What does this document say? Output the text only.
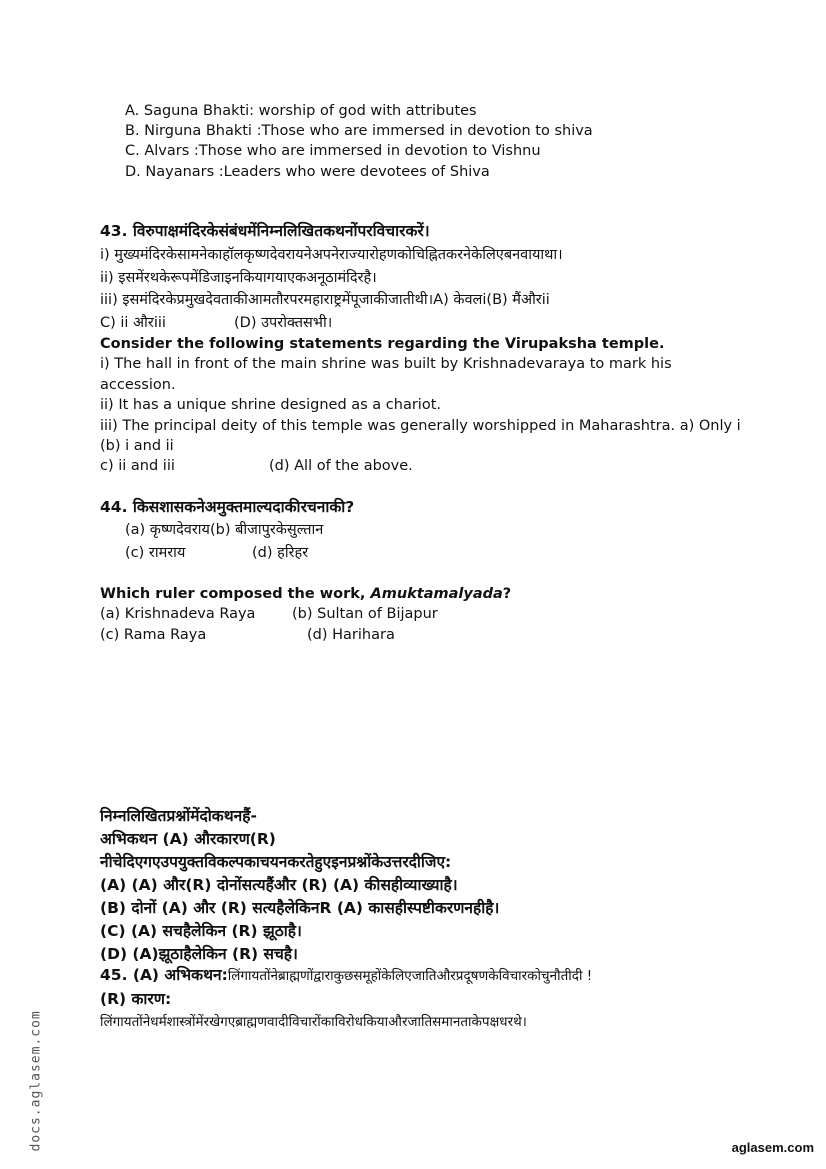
A. Saguna Bhakti: worship of god with attributes
B. Nirguna Bhakti :Those who are immersed in devotion to shiva
C. Alvars :Those who are immersed in devotion to Vishnu
D. Nayanars :Leaders who were devotees of Shiva
43. विरुपाक्षमंदिरकेसंबंधमेंनिम्नलिखितकथनोंपरविचारकरें।
i) मुख्यमंदिरकेसामनेकाहॉलकृष्णदेवरायनेअपनेराज्यारोहणकोचिह्नितकरनेकेलिएबनवायाथा।
ii) इसमेंरथकेरूपमेंडिजाइनकियागयाएकअनूठामंदिरहै।
iii) इसमंदिरकेप्रमुखदेवताकीआमतौरपरमहाराष्ट्रमेंपूजाकीजातीथी।A) केवलi(B) मैंऔरii
C) ii औरiii	(D) उपरोक्तसभी।
Consider the following statements regarding the Virupaksha temple.
i) The hall in front of the main shrine was built by Krishnadevaraya to mark his
accession.
ii) It has a unique shrine designed as a chariot.
iii) The principal deity of this temple was generally worshipped in Maharashtra. a) Only i
(b) i and ii
c) ii and iii	(d) All of the above.
44. किसशासकनेअमुक्तमाल्यदाकीरचनाकी?
(a) कृष्णदेवराय(b) बीजापुरकेसुल्तान
(c) रामराय	(d) हरिहर
Which ruler composed the work, Amuktamalyada?
(a) Krishnadeva Raya	(b) Sultan of Bijapur
(c) Rama Raya	(d) Harihara
निम्नलिखितप्रश्नोंमेंदोकथनहैं-
अभिकथन (A) औरकारण(R)
नीचेदिएगएउपयुक्तविकल्पकाचयनकरतेहुएइनप्रश्नोंकेउत्तरदीजिए:
(A) (A) और(R) दोनोंसत्यहैंऔर (R) (A) कीसहीव्याख्याहै।
(B) दोनों (A) और (R) सत्यहैलेकिनR (A) कासहीस्पष्टीकरणनहीहै।
(C) (A) सचहैलेकिन (R) झूठाहै।
(D) (A)झूठाहैलेकिन (R) सचहै।
45. (A) अभिकथन:लिंगायतोंनेब्राह्मणोंद्वाराकुछसमूहोंकेलिएजातिऔरप्रदूषणकेविचारकोचुनौतीदी !
(R) कारण:
लिंगायतोंनेधर्मशास्त्रोंमेंरखेगएब्राह्मणवादीविचारोंकाविरोधकियाऔरजातिसमानताकेपक्षधरथे।
docs.aglasem.com	aglasem.com
